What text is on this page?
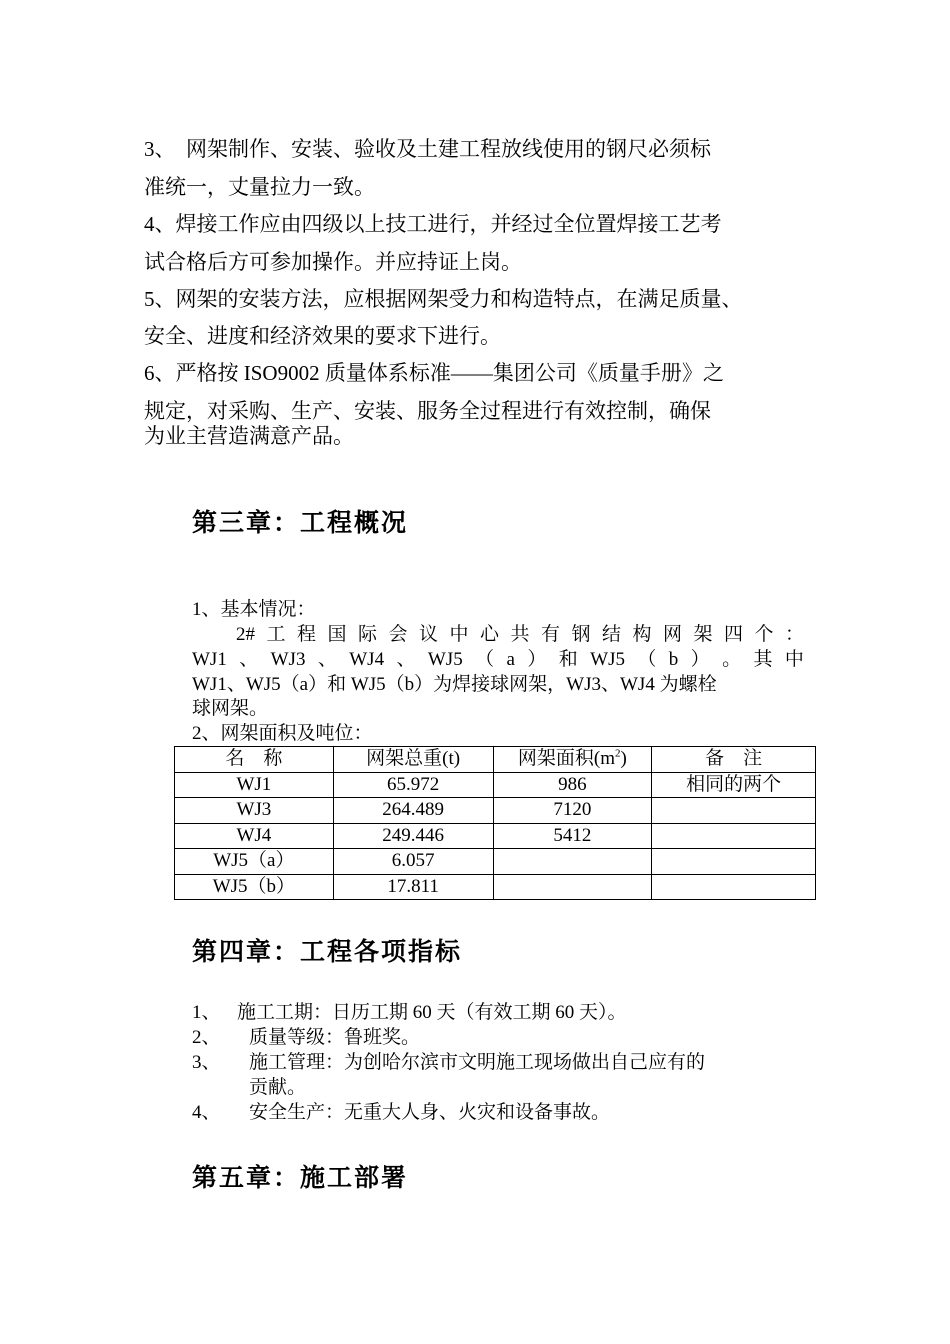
3、　网架制作、安装、验收及土建工程放线使用的钢尺必须标
准统一，丈量拉力一致。
4、焊接工作应由四级以上技工进行，并经过全位置焊接工艺考
试合格后方可参加操作。并应持证上岗。
5、网架的安装方法，应根据网架受力和构造特点，在满足质量、
安全、进度和经济效果的要求下进行。
6、严格按 ISO9002 质量体系标准——集团公司《质量手册》之
规定，对采购、生产、安装、服务全过程进行有效控制，确保
为业主营造满意产品。
第三章：工程概况
1、基本情况：
2# 工 程 国 际 会 议 中 心 共 有 钢 结 构 网 架 四 个 ：
WJ1 、 WJ3 、 WJ4 、 WJ5 （ a ） 和 WJ5 （ b ） 。 其 中
WJ1、WJ5（a）和 WJ5（b）为焊接球网架，WJ3、WJ4 为螺栓
球网架。
2、网架面积及吨位：
名　称	网架总重(t)	网架面积$(m^2)$	备　注
WJ1	65.972	986	相同的两个
WJ3	264.489	7120	
WJ4	249.446	5412	
WJ5（a）	6.057		
WJ5（b）	17.811		
第四章：工程各项指标
1、 施工工期：日历工期 60 天（有效工期 60 天）。
2、 质量等级：鲁班奖。
3、 施工管理：为创哈尔滨市文明施工现场做出自己应有的
贡献。
4、 安全生产：无重大人身、火灾和设备事故。
第五章：施工部署
